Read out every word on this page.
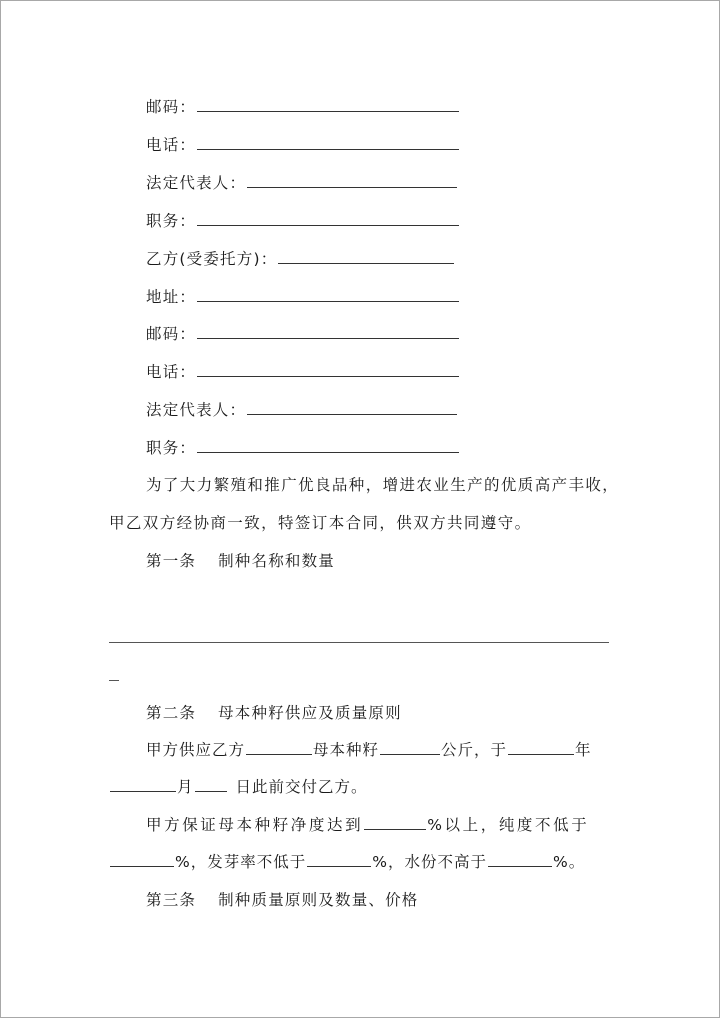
邮码：
电话：
法定代表人：
职务：
乙方(受委托方)：
地址：
邮码：
电话：
法定代表人：
职务：
为了大力繁殖和推广优良品种，增进农业生产的优质高产丰收，
甲乙双方经协商一致，特签订本合同，供双方共同遵守。
第一条 制种名称和数量
第二条 母本种籽供应及质量原则
甲方供应乙方	母本种籽	公斤，于	年
月	日此前交付乙方。
甲方保证母本种籽净度达到	%以上，纯度不低于
%，发芽率不低于	%，水份不高于	%。
第三条 制种质量原则及数量、价格
